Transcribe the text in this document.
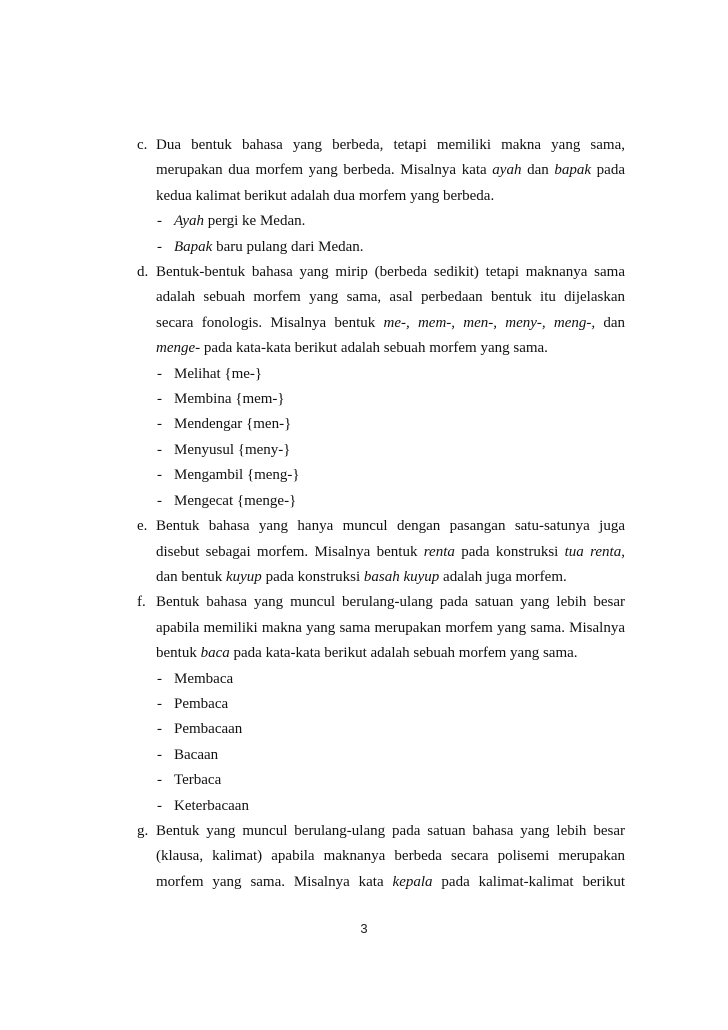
c. Dua bentuk bahasa yang berbeda, tetapi memiliki makna yang sama, merupakan dua morfem yang berbeda. Misalnya kata ayah dan bapak pada kedua kalimat berikut adalah dua morfem yang berbeda.

- Ayah pergi ke Medan.
- Bapak baru pulang dari Medan.
d. Bentuk-bentuk bahasa yang mirip (berbeda sedikit) tetapi maknanya sama adalah sebuah morfem yang sama, asal perbedaan bentuk itu dijelaskan secara fonologis. Misalnya bentuk me-, mem-, men-, meny-, meng-, dan menge- pada kata-kata berikut adalah sebuah morfem yang sama.

- Melihat {me-}
- Membina {mem-}
- Mendengar {men-}
- Menyusul {meny-}
- Mengambil {meng-}
- Mengecat {menge-}
e. Bentuk bahasa yang hanya muncul dengan pasangan satu-satunya juga disebut sebagai morfem. Misalnya bentuk renta pada konstruksi tua renta, dan bentuk kuyup pada konstruksi basah kuyup adalah juga morfem.

f. Bentuk bahasa yang muncul berulang-ulang pada satuan yang lebih besar apabila memiliki makna yang sama merupakan morfem yang sama. Misalnya bentuk baca pada kata-kata berikut adalah sebuah morfem yang sama.

- Membaca
- Pembaca
- Pembacaan
- Bacaan
- Terbaca
- Keterbacaan
g. Bentuk yang muncul berulang-ulang pada satuan bahasa yang lebih besar (klausa, kalimat) apabila maknanya berbeda secara polisemi merupakan morfem yang sama. Misalnya kata kepala pada kalimat-kalimat berikut

3
